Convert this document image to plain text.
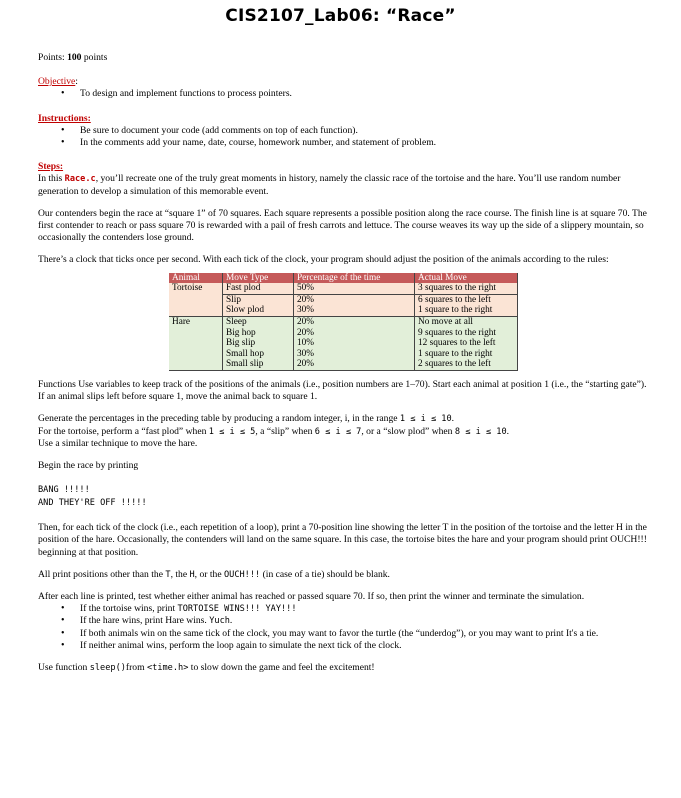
CIS2107_Lab06: “Race”

Points: 100 points

Objective:

• To design and implement functions to process pointers.

Instructions:

• Be sure to document your code (add comments on top of each function).
• In the comments add your name, date, course, homework number, and statement of problem.

Steps:

In this Race.c, you’ll recreate one of the truly great moments in history, namely the classic race of the tortoise and the hare. You’ll use random number generation to develop a simulation of this memorable event.

Our contenders begin the race at “square 1” of 70 squares. Each square represents a possible position along the race course. The finish line is at square 70. The first contender to reach or pass square 70 is rewarded with a pail of fresh carrots and lettuce. The course weaves its way up the side of a slippery mountain, so occasionally the contenders lose ground.

There’s a clock that ticks once per second. With each tick of the clock, your program should adjust the position of the animals according to the rules:

Animal	Move Type	Percentage of the time	Actual Move
Tortoise	Fast plod	50%	3 squares to the right
	Slip	20%	6 squares to the left
	Slow plod	30%	1 square to the right
Hare	Sleep	20%	No move at all
	Big hop	20%	9 squares to the right
	Big slip	10%	12 squares to the left
	Small hop	30%	1 square to the right
	Small slip	20%	2 squares to the left

Functions Use variables to keep track of the positions of the animals (i.e., position numbers are 1–70). Start each animal at position 1 (i.e., the “starting gate”). If an animal slips left before square 1, move the animal back to square 1.

Generate the percentages in the preceding table by producing a random integer, i, in the range 1 ≤ i ≤ 10.

For the tortoise, perform a “fast plod” when 1 ≤ i ≤ 5, a “slip” when 6 ≤ i ≤ 7, or a “slow plod” when 8 ≤ i ≤ 10.

Use a similar technique to move the hare.

Begin the race by printing

BANG !!!!!
AND THEY'RE OFF !!!!!

Then, for each tick of the clock (i.e., each repetition of a loop), print a 70-position line showing the letter T in the position of the tortoise and the letter H in the position of the hare. Occasionally, the contenders will land on the same square. In this case, the tortoise bites the hare and your program should print OUCH!!! beginning at that position.

All print positions other than the T, the H, or the OUCH!!! (in case of a tie) should be blank.

After each line is printed, test whether either animal has reached or passed square 70. If so, then print the winner and terminate the simulation.

• If the tortoise wins, print TORTOISE WINS!!! YAY!!!
• If the hare wins, print Hare wins. Yuch.
• If both animals win on the same tick of the clock, you may want to favor the turtle (the “underdog”), or you may want to print It's a tie.
• If neither animal wins, perform the loop again to simulate the next tick of the clock.

Use function sleep()from <time.h> to slow down the game and feel the excitement!
